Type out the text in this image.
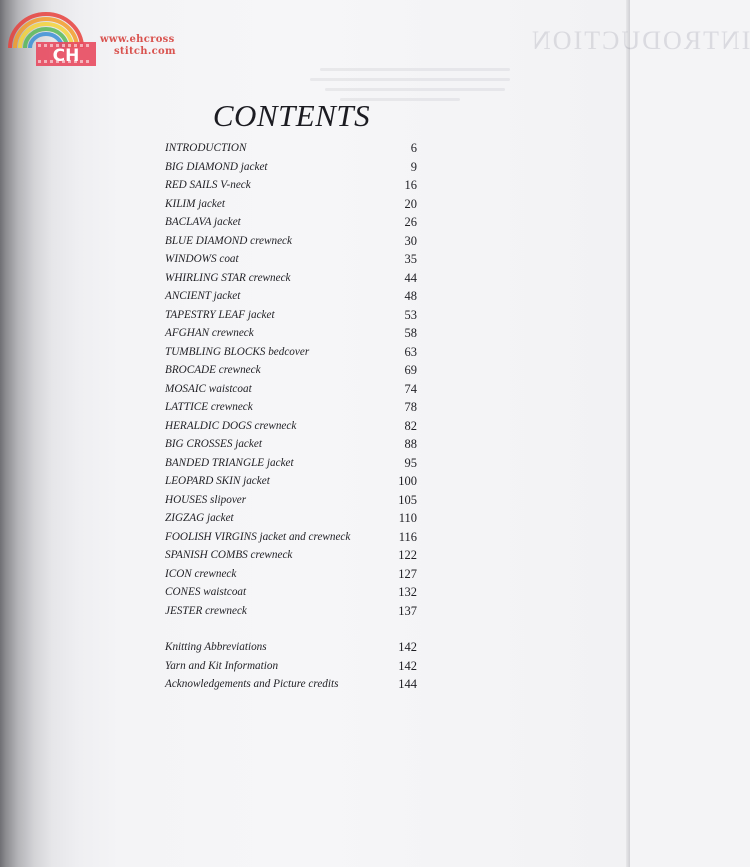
INTRODUCTION
CH
www.ehcross
stitch.com
CONTENTS
INTRODUCTION	6
BIG DIAMOND jacket	9
RED SAILS V-neck	16
KILIM jacket	20
BACLAVA jacket	26
BLUE DIAMOND crewneck	30
WINDOWS coat	35
WHIRLING STAR crewneck	44
ANCIENT jacket	48
TAPESTRY LEAF jacket	53
AFGHAN crewneck	58
TUMBLING BLOCKS bedcover	63
BROCADE crewneck	69
MOSAIC waistcoat	74
LATTICE crewneck	78
HERALDIC DOGS crewneck	82
BIG CROSSES jacket	88
BANDED TRIANGLE jacket	95
LEOPARD SKIN jacket	100
HOUSES slipover	105
ZIGZAG jacket	110
FOOLISH VIRGINS jacket and crewneck	116
SPANISH COMBS crewneck	122
ICON crewneck	127
CONES waistcoat	132
JESTER crewneck	137
Knitting Abbreviations	142
Yarn and Kit Information	142
Acknowledgements and Picture credits	144
